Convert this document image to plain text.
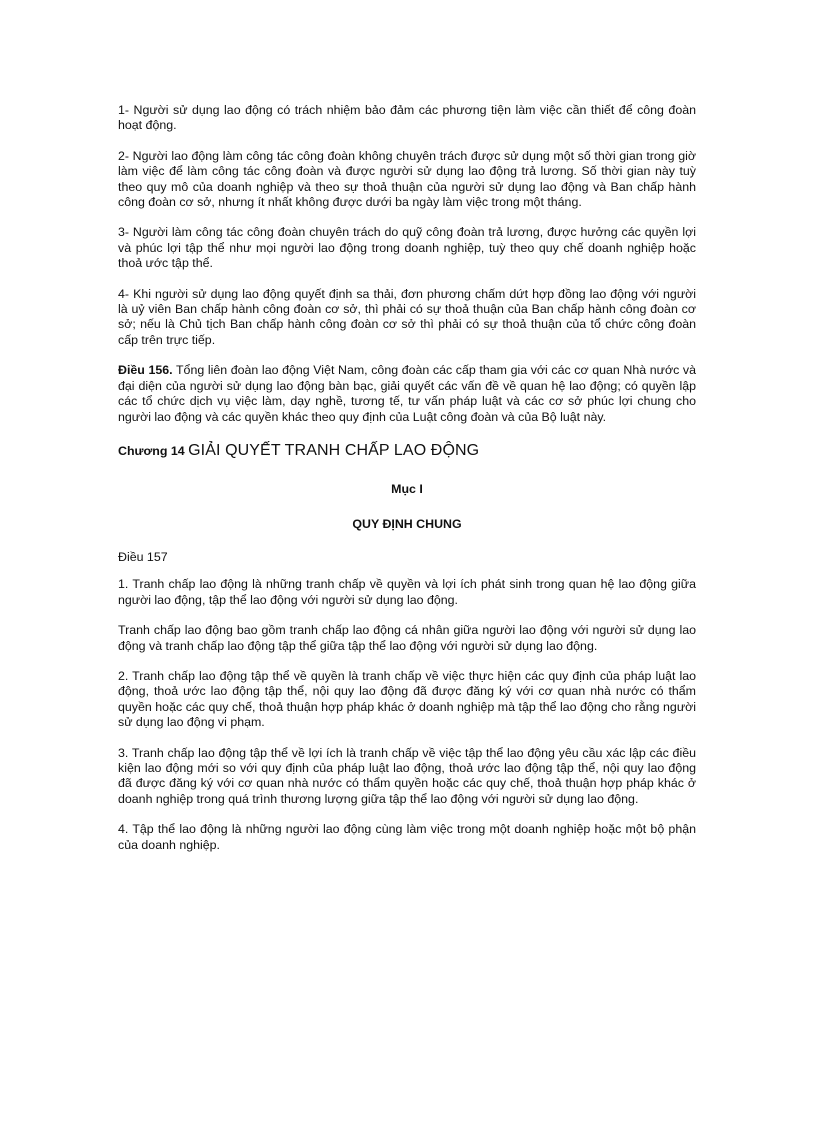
1- Người sử dụng lao động có trách nhiệm bảo đảm các phương tiện làm việc cần thiết để công đoàn hoạt động.

2- Người lao động làm công tác công đoàn không chuyên trách được sử dụng một số thời gian trong giờ làm việc để làm công tác công đoàn và được người sử dụng lao động trả lương. Số thời gian này tuỳ theo quy mô của doanh nghiệp và theo sự thoả thuận của người sử dụng lao động và Ban chấp hành công đoàn cơ sở, nhưng ít nhất không được dưới ba ngày làm việc trong một tháng.

3- Người làm công tác công đoàn chuyên trách do quỹ công đoàn trả lương, được hưởng các quyền lợi và phúc lợi tập thể như mọi người lao động trong doanh nghiệp, tuỳ theo quy chế doanh nghiệp hoặc thoả ước tập thể.

4- Khi người sử dụng lao động quyết định sa thải, đơn phương chấm dứt hợp đồng lao động với người là uỷ viên Ban chấp hành công đoàn cơ sở, thì phải có sự thoả thuận của Ban chấp hành công đoàn cơ sở; nếu là Chủ tịch Ban chấp hành công đoàn cơ sở thì phải có sự thoả thuận của tổ chức công đoàn cấp trên trực tiếp.

Điều 156. Tổng liên đoàn lao động Việt Nam, công đoàn các cấp tham gia với các cơ quan Nhà nước và đại diện của người sử dụng lao động bàn bạc, giải quyết các vấn đề về quan hệ lao động; có quyền lập các tổ chức dịch vụ việc làm, dạy nghề, tương tế, tư vấn pháp luật và các cơ sở phúc lợi chung cho người lao động và các quyền khác theo quy định của Luật công đoàn và của Bộ luật này.

Chương 14 GIẢI QUYẾT TRANH CHẤP LAO ĐỘNG
Mục I
QUY ĐỊNH CHUNG
Điều 157

1. Tranh chấp lao động là những tranh chấp về quyền và lợi ích phát sinh trong quan hệ lao động giữa người lao động, tập thể lao động với người sử dụng lao động.

Tranh chấp lao động bao gồm tranh chấp lao động cá nhân giữa người lao động với người sử dụng lao động và tranh chấp lao động tập thể giữa tập thể lao động với người sử dụng lao động.

2. Tranh chấp lao động tập thể về quyền là tranh chấp về việc thực hiện các quy định của pháp luật lao động, thoả ước lao động tập thể, nội quy lao động đã được đăng ký với cơ quan nhà nước có thẩm quyền hoặc các quy chế, thoả thuận hợp pháp khác ở doanh nghiệp mà tập thể lao động cho rằng người sử dụng lao động vi phạm.

3. Tranh chấp lao động tập thể về lợi ích là tranh chấp về việc tập thể lao động yêu cầu xác lập các điều kiện lao động mới so với quy định của pháp luật lao động, thoả ước lao động tập thể, nội quy lao động đã được đăng ký với cơ quan nhà nước có thẩm quyền hoặc các quy chế, thoả thuận hợp pháp khác ở doanh nghiệp trong quá trình thương lượng giữa tập thể lao động với người sử dụng lao động.

4. Tập thể lao động là những người lao động cùng làm việc trong một doanh nghiệp hoặc một bộ phận của doanh nghiệp.
